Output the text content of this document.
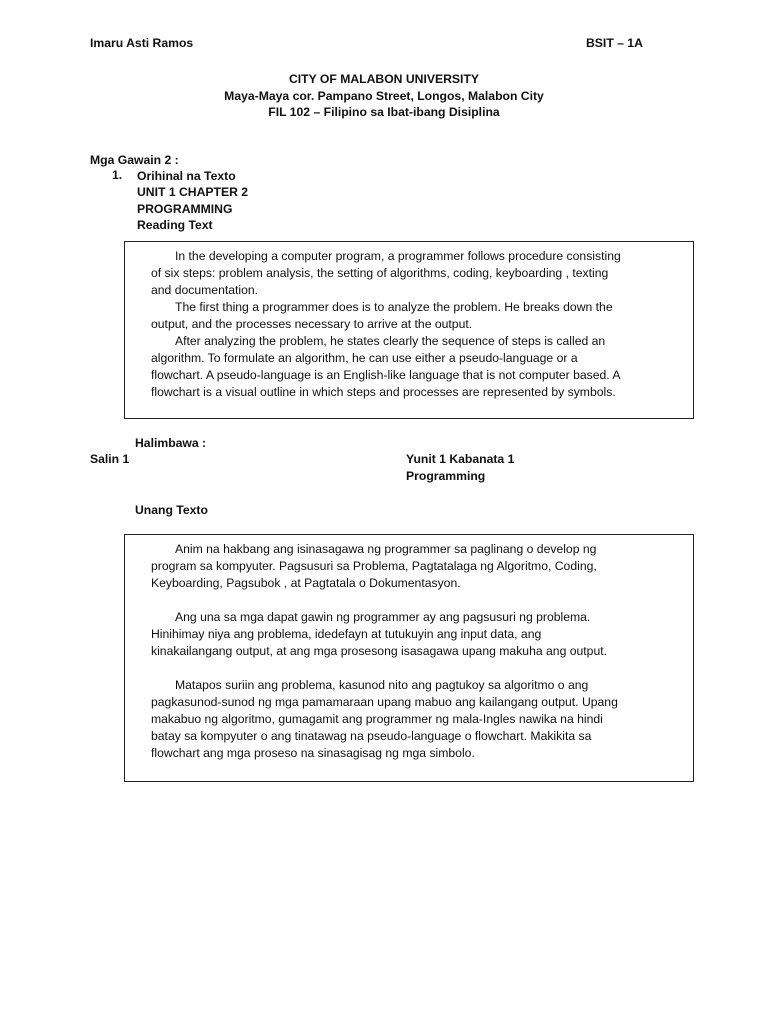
Imaru Asti Ramos	BSIT – 1A
CITY OF MALABON UNIVERSITY
Maya-Maya cor. Pampano Street, Longos, Malabon City
FIL 102 – Filipino sa Ibat-ibang Disiplina
Mga Gawain 2 :
1. Orihinal na Texto
UNIT 1 CHAPTER 2
PROGRAMMING
Reading Text

In the developing a computer program, a programmer follows procedure consisting

of six steps: problem analysis, the setting of algorithms, coding, keyboarding , texting

and documentation.

The first thing a programmer does is to analyze the problem. He breaks down the

output, and the processes necessary to arrive at the output.

After analyzing the problem, he states clearly the sequence of steps is called an

algorithm. To formulate an algorithm, he can use either a pseudo-language or a

flowchart. A pseudo-language is an English-like language that is not computer based. A

flowchart is a visual outline in which steps and processes are represented by symbols.

Halimbawa :
Salin 1	Yunit 1 Kabanata 1
Programming
Unang Texto

Anim na hakbang ang isinasagawa ng programmer sa paglinang o develop ng

program sa kompyuter. Pagsusuri sa Problema, Pagtatalaga ng Algoritmo, Coding,

Keyboarding, Pagsubok , at Pagtatala o Dokumentasyon.

Ang una sa mga dapat gawin ng programmer ay ang pagsusuri ng problema.

Hinihimay niya ang problema, idedefayn at tutukuyin ang input data, ang

kinakailangang output, at ang mga prosesong isasagawa upang makuha ang output.

Matapos suriin ang problema, kasunod nito ang pagtukoy sa algoritmo o ang

pagkasunod-sunod ng mga pamamaraan upang mabuo ang kailangang output. Upang

makabuo ng algoritmo, gumagamit ang programmer ng mala-Ingles nawika na hindi

batay sa kompyuter o ang tinatawag na pseudo-language o flowchart. Makikita sa

flowchart ang mga proseso na sinasagisag ng mga simbolo.
